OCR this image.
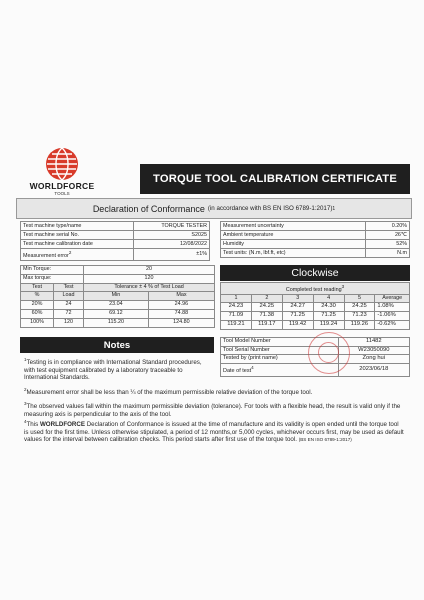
WORLDFORCE
TOOLS
TORQUE TOOL CALIBRATION CERTIFICATE
Declaration of Conformance (in accordance with BS EN ISO 6789-1:2017) 1
Test machine type/name	TORQUE TESTER
Test machine serial No.	S2025
Test machine calibration date	12/08/2022
Measurement error$^2$	±1%
Measurement uncertainty	0.20%
Ambient temperature	26℃
Humidity	52%
Test units: (N.m, lbf.ft, etc)	N.m
Min Torque:		20	
Max torque:		120	
Test	Test	Tolerance ± 4 % of Test Load	
%	Load	Min	Max
20%	24	23.04	24.96
60%	72	69.12	74.88
100%	120	115.20	124.80
Clockwise
Completed test reading$^3$
1	2	3	4	5	Average
24.23	24.25	24.27	24.30	24.25	1.08%
71.09	71.38	71.25	71.25	71.23	-1.06%
119.21	119.17	119.42	119.24	119.26	-0.62%
Notes	Tool Model Number	11482
Tool Serial Number	W23050090
Tested by (print name)	Zong hui
Date of test$^4$	2023/06/18
$^1$Testing is in compliance with International Standard procedures, with test equipment calibrated by a laboratory traceable to International Standards.
$^2$Measurement error shall be less than ¼ of the maximum permissible relative deviation of the torque tool.
$^3$The observed values fall within the maximum permissible deviation (tolerance). For tools with a flexible head, the result is valid only if the measuring axis is perpendicular to the axis of the tool.
$^4$This WORLDFORCE Declaration of Conformance is issued at the time of manufacture and its validity is open ended until the torque tool is used for the first time. Unless otherwise stipulated, a period of 12 months,or 5,000 cycles, whichever occurs first, may be used as default values for the interval between calibration checks. This period starts after first use of the torque tool. (BS EN ISO 6789-1:2017)
